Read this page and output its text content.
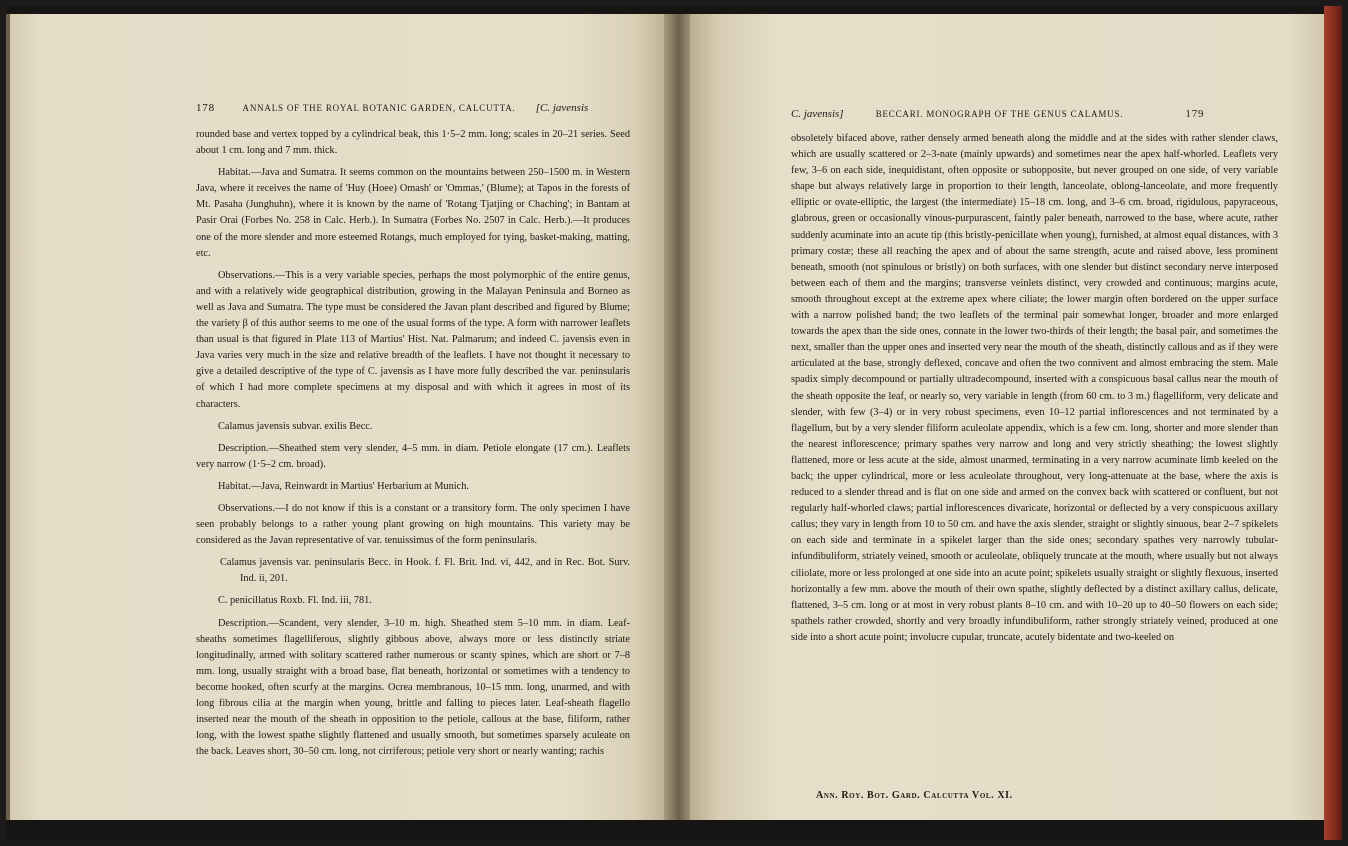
178	ANNALS OF THE ROYAL BOTANIC GARDEN, CALCUTTA. [C. javensis

rounded base and vertex topped by a cylindrical beak, this 1·5–2 mm. long; scales in 20–21 series. Seed about 1 cm. long and 7 mm. thick.

Habitat.—Java and Sumatra. It seems common on the mountains between 250–1500 m. in Western Java, where it receives the name of 'Huy (Hoee) Omash' or 'Ommas,' (Blume); at Tapos in the forests of Mt. Pasaha (Junghuhn), where it is known by the name of 'Rotang Tjatjing or Chaching'; in Bantam at Pasir Orai (Forbes No. 258 in Calc. Herb.). In Sumatra (Forbes No. 2507 in Calc. Herb.).—It produces one of the more slender and more esteemed Rotangs, much employed for tying, basket-making, matting, etc.

Observations.—This is a very variable species, perhaps the most polymorphic of the entire genus, and with a relatively wide geographical distribution, growing in the Malayan Peninsula and Borneo as well as Java and Sumatra. The type must be considered the Javan plant described and figured by Blume; the variety β of this author seems to me one of the usual forms of the type. A form with narrower leaflets than usual is that figured in Plate 113 of Martius' Hist. Nat. Palmarum; and indeed C. javensis even in Java varies very much in the size and relative breadth of the leaflets. I have not thought it necessary to give a detailed descriptive of the type of C. javensis as I have more fully described the var. peninsularis of which I had more complete specimens at my disposal and with which it agrees in most of its characters.

Calamus javensis subvar. exilis Becc.

Description.—Sheathed stem very slender, 4–5 mm. in diam. Petiole elongate (17 cm.). Leaflets very narrow (1·5–2 cm. broad).

Habitat.—Java, Reinwardt in Martius' Herbarium at Munich.

Observations.—I do not know if this is a constant or a transitory form. The only specimen I have seen probably belongs to a rather young plant growing on high mountains. This variety may be considered as the Javan representative of var. tenuissimus of the form peninsularis.

Calamus javensis var. peninsularis Becc. in Hook. f. Fl. Brit. Ind. vi, 442, and in Rec. Bot. Surv. Ind. ii, 201.

C. penicillatus Roxb. Fl. Ind. iii, 781.

Description.—Scandent, very slender, 3–10 m. high. Sheathed stem 5–10 mm. in diam. Leaf-sheaths sometimes flagelliferous, slightly gibbous above, always more or less distinctly striate longitudinally, armed with solitary scattered rather numerous or scanty spines, which are short or 7–8 mm. long, usually straight with a broad base, flat beneath, horizontal or sometimes with a tendency to become hooked, often scurfy at the margins. Ocrea membranous, 10–15 mm. long, unarmed, and with long fibrous cilia at the margin when young, brittle and falling to pieces later. Leaf-sheath flagello inserted near the mouth of the sheath in opposition to the petiole, callous at the base, filiform, rather long, with the lowest spathe slightly flattened and usually smooth, but sometimes sparsely aculeate on the back. Leaves short, 30–50 cm. long, not cirriferous; petiole very short or nearly wanting; rachis

C. javensis]	BECCARI. MONOGRAPH OF THE GENUS CALAMUS.	179

obsoletely bifaced above, rather densely armed beneath along the middle and at the sides with rather slender claws, which are usually scattered or 2–3-nate (mainly upwards) and sometimes near the apex half-whorled. Leaflets very few, 3–6 on each side, inequidistant, often opposite or subopposite, but never grouped on one side, of very variable shape but always relatively large in proportion to their length, lanceolate, oblong-lanceolate, and more frequently elliptic or ovate-elliptic, the largest (the intermediate) 15–18 cm. long, and 3–6 cm. broad, rigidulous, papyraceous, glabrous, green or occasionally vinous-purpurascent, faintly paler beneath, narrowed to the base, where acute, rather suddenly acuminate into an acute tip (this bristly-penicillate when young), furnished, at almost equal distances, with 3 primary costæ; these all reaching the apex and of about the same strength, acute and raised above, less prominent beneath, smooth (not spinulous or bristly) on both surfaces, with one slender but distinct secondary nerve interposed between each of them and the margins; transverse veinlets distinct, very crowded and continuous; margins acute, smooth throughout except at the extreme apex where ciliate; the lower margin often bordered on the upper surface with a narrow polished band; the two leaflets of the terminal pair somewhat longer, broader and more enlarged towards the apex than the side ones, connate in the lower two-thirds of their length; the basal pair, and sometimes the next, smaller than the upper ones and inserted very near the mouth of the sheath, distinctly callous and as if they were articulated at the base, strongly deflexed, concave and often the two connivent and almost embracing the stem. Male spadix simply decompound or partially ultradecompound, inserted with a conspicuous basal callus near the mouth of the sheath opposite the leaf, or nearly so, very variable in length (from 60 cm. to 3 m.) flagelliform, very delicate and slender, with few (3–4) or in very robust specimens, even 10–12 partial inflorescences and not terminated by a flagellum, but by a very slender filiform aculeolate appendix, which is a few cm. long, shorter and more slender than the nearest inflorescence; primary spathes very narrow and long and very strictly sheathing; the lowest slightly flattened, more or less acute at the side, almost unarmed, terminating in a very narrow acuminate limb keeled on the back; the upper cylindrical, more or less aculeolate throughout, very long-attenuate at the base, where the axis is reduced to a slender thread and is flat on one side and armed on the convex back with scattered or confluent, but not regularly half-whorled claws; partial inflorescences divaricate, horizontal or deflected by a very conspicuous axillary callus; they vary in length from 10 to 50 cm. and have the axis slender, straight or slightly sinuous, bear 2–7 spikelets on each side and terminate in a spikelet larger than the side ones; secondary spathes very narrowly tubular-infundibuliform, striately veined, smooth or aculeolate, obliquely truncate at the mouth, where usually but not always ciliolate, more or less prolonged at one side into an acute point; spikelets usually straight or slightly flexuous, inserted horizontally a few mm. above the mouth of their own spathe, slightly deflected by a distinct axillary callus, delicate, flattened, 3–5 cm. long or at most in very robust plants 8–10 cm. and with 10–20 up to 40–50 flowers on each side; spathels rather crowded, shortly and very broadly infundibuliform, rather strongly striately veined, produced at one side into a short acute point; involucre cupular, truncate, acutely bidentate and two-keeled on

Ann. Roy. Bot. Gard. Calcutta Vol. XI.
